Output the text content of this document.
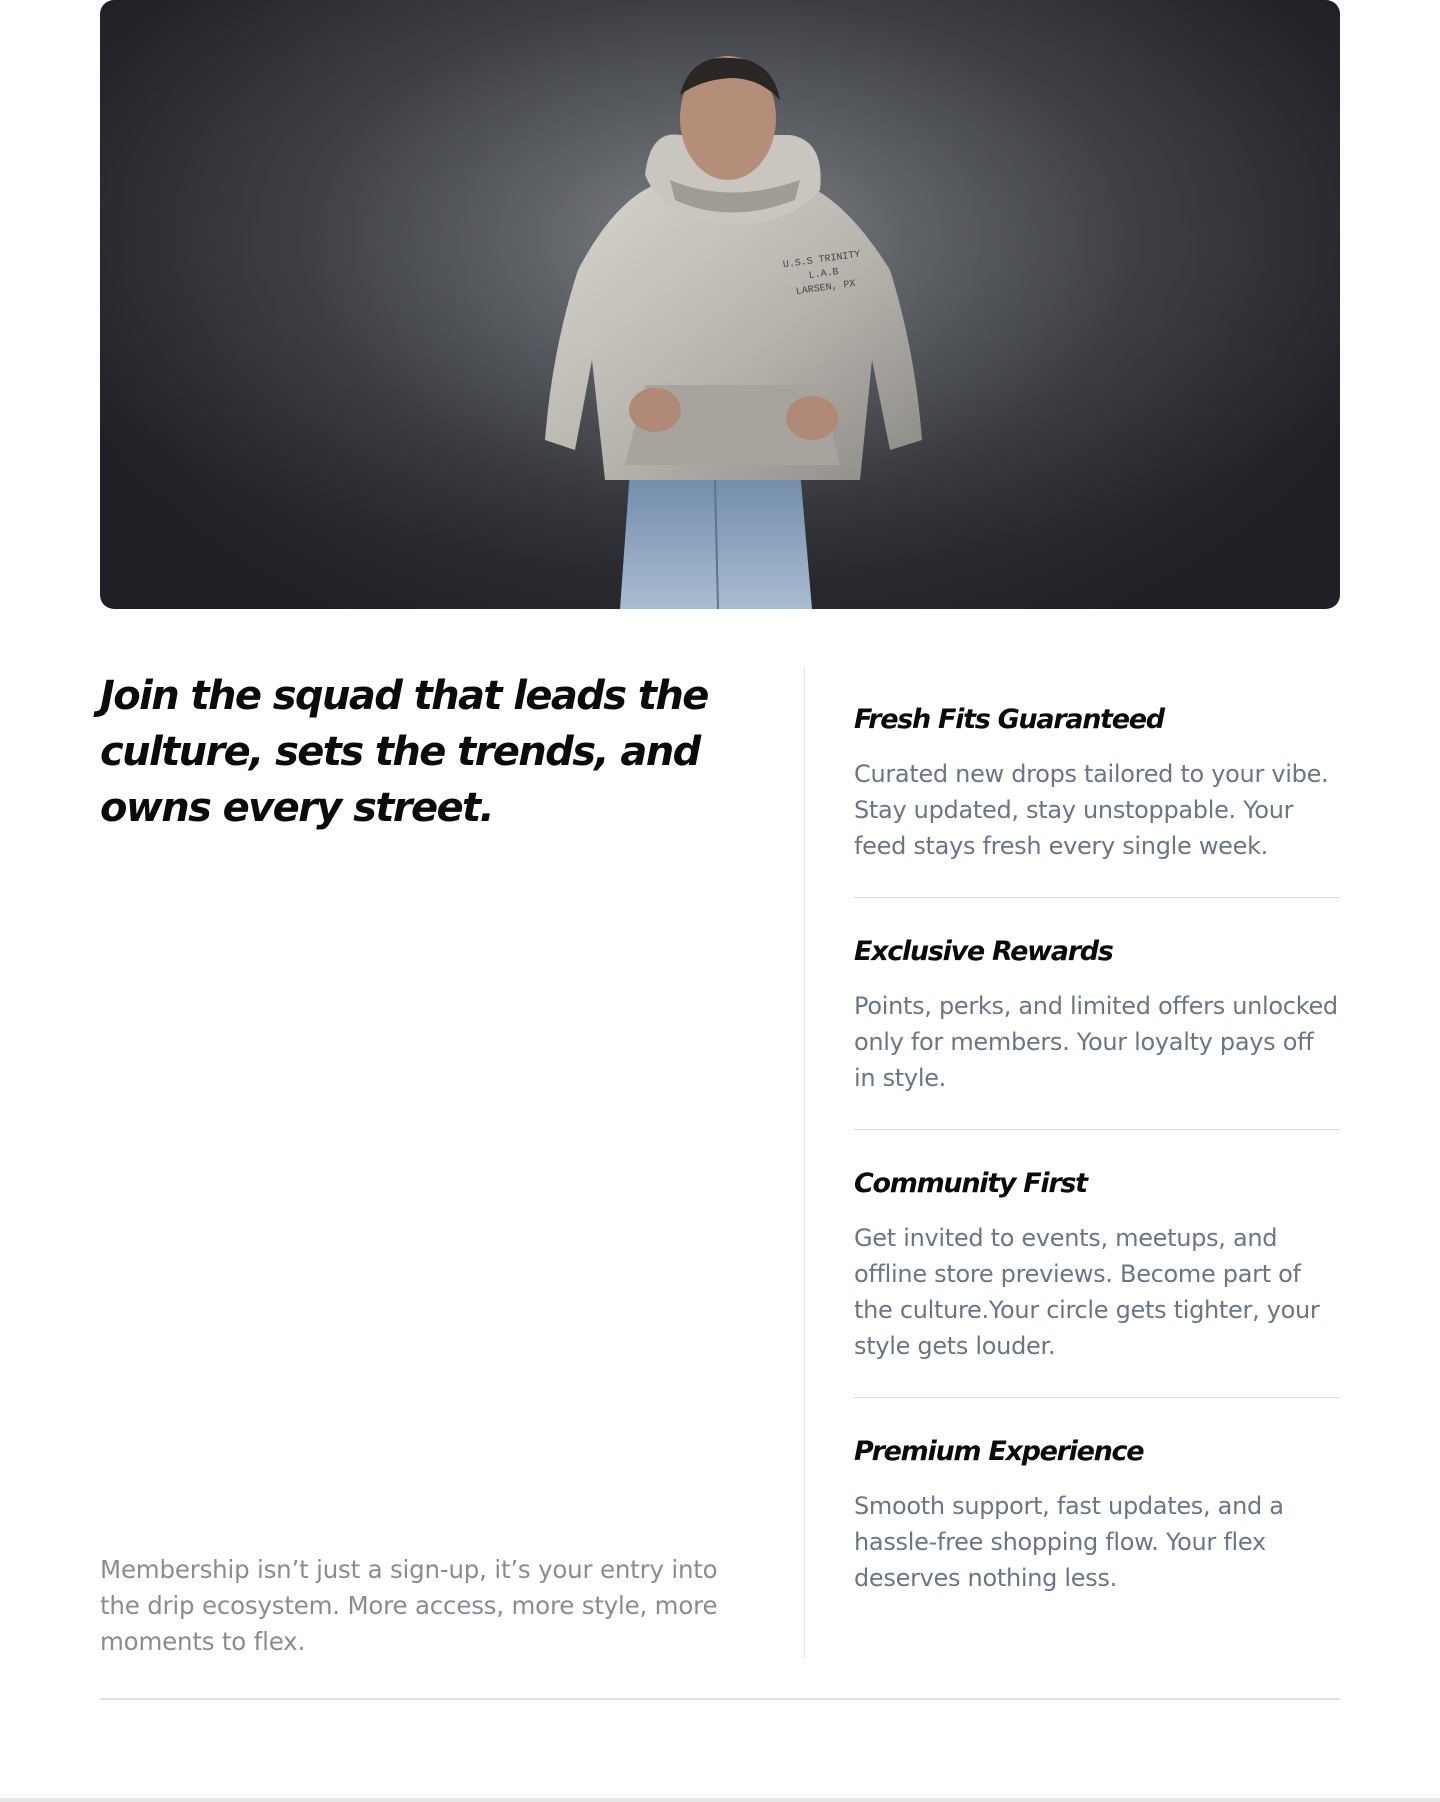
U.S.S TRINITY
L.A.B
LARSEN, PX
Join the squad that leads the culture, sets the trends, and owns every street.

Membership isn’t just a sign-up, it’s your entry into the drip ecosystem. More access, more style, more moments to flex.

Fresh Fits Guaranteed

Curated new drops tailored to your vibe. Stay updated, stay unstoppable. Your feed stays fresh every single week.

Exclusive Rewards

Points, perks, and limited offers unlocked only for members. Your loyalty pays off in style.

Community First

Get invited to events, meetups, and offline store previews. Become part of the culture.Your circle gets tighter, your style gets louder.

Premium Experience

Smooth support, fast updates, and a hassle-free shopping flow. Your flex deserves nothing less.
